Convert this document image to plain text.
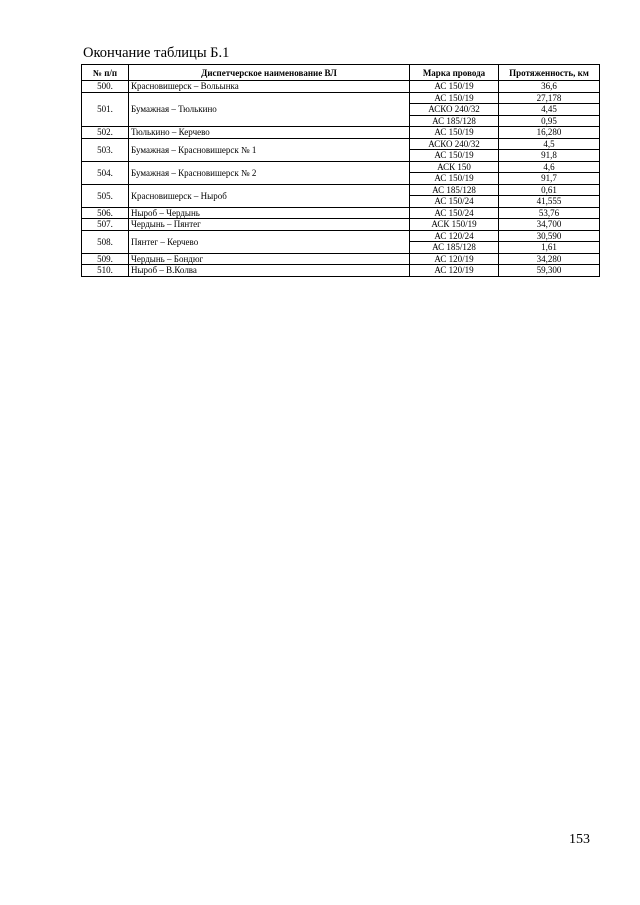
Окончание таблицы Б.1
№ п/п	Диспетчерское наименование ВЛ	Марка провода	Протяженность, км
500.	Красновишерск – Вольынка	АС 150/19	36,6
501.	Бумажная – Тюлькино	АС 150/19	27,178
		АСКО 240/32	4,45
		АС 185/128	0,95
502.	Тюлькино – Керчево	АС 150/19	16,280
503.	Бумажная – Красновишерск № 1	АСКО 240/32	4,5
		АС 150/19	91,8
504.	Бумажная – Красновишерск № 2	АСК 150	4,6
		АС 150/19	91,7
505.	Красновишерск – Ныроб	АС 185/128	0,61
		АС 150/24	41,555
506.	Ныроб – Чердынь	АС 150/24	53,76
507.	Чердынь – Пянтег	АСК 150/19	34,700
508.	Пянтег – Керчево	АС 120/24	30,590
		АС 185/128	1,61
509.	Чердынь – Бондюг	АС 120/19	34,280
510.	Ныроб – В.Колва	АС 120/19	59,300
153
